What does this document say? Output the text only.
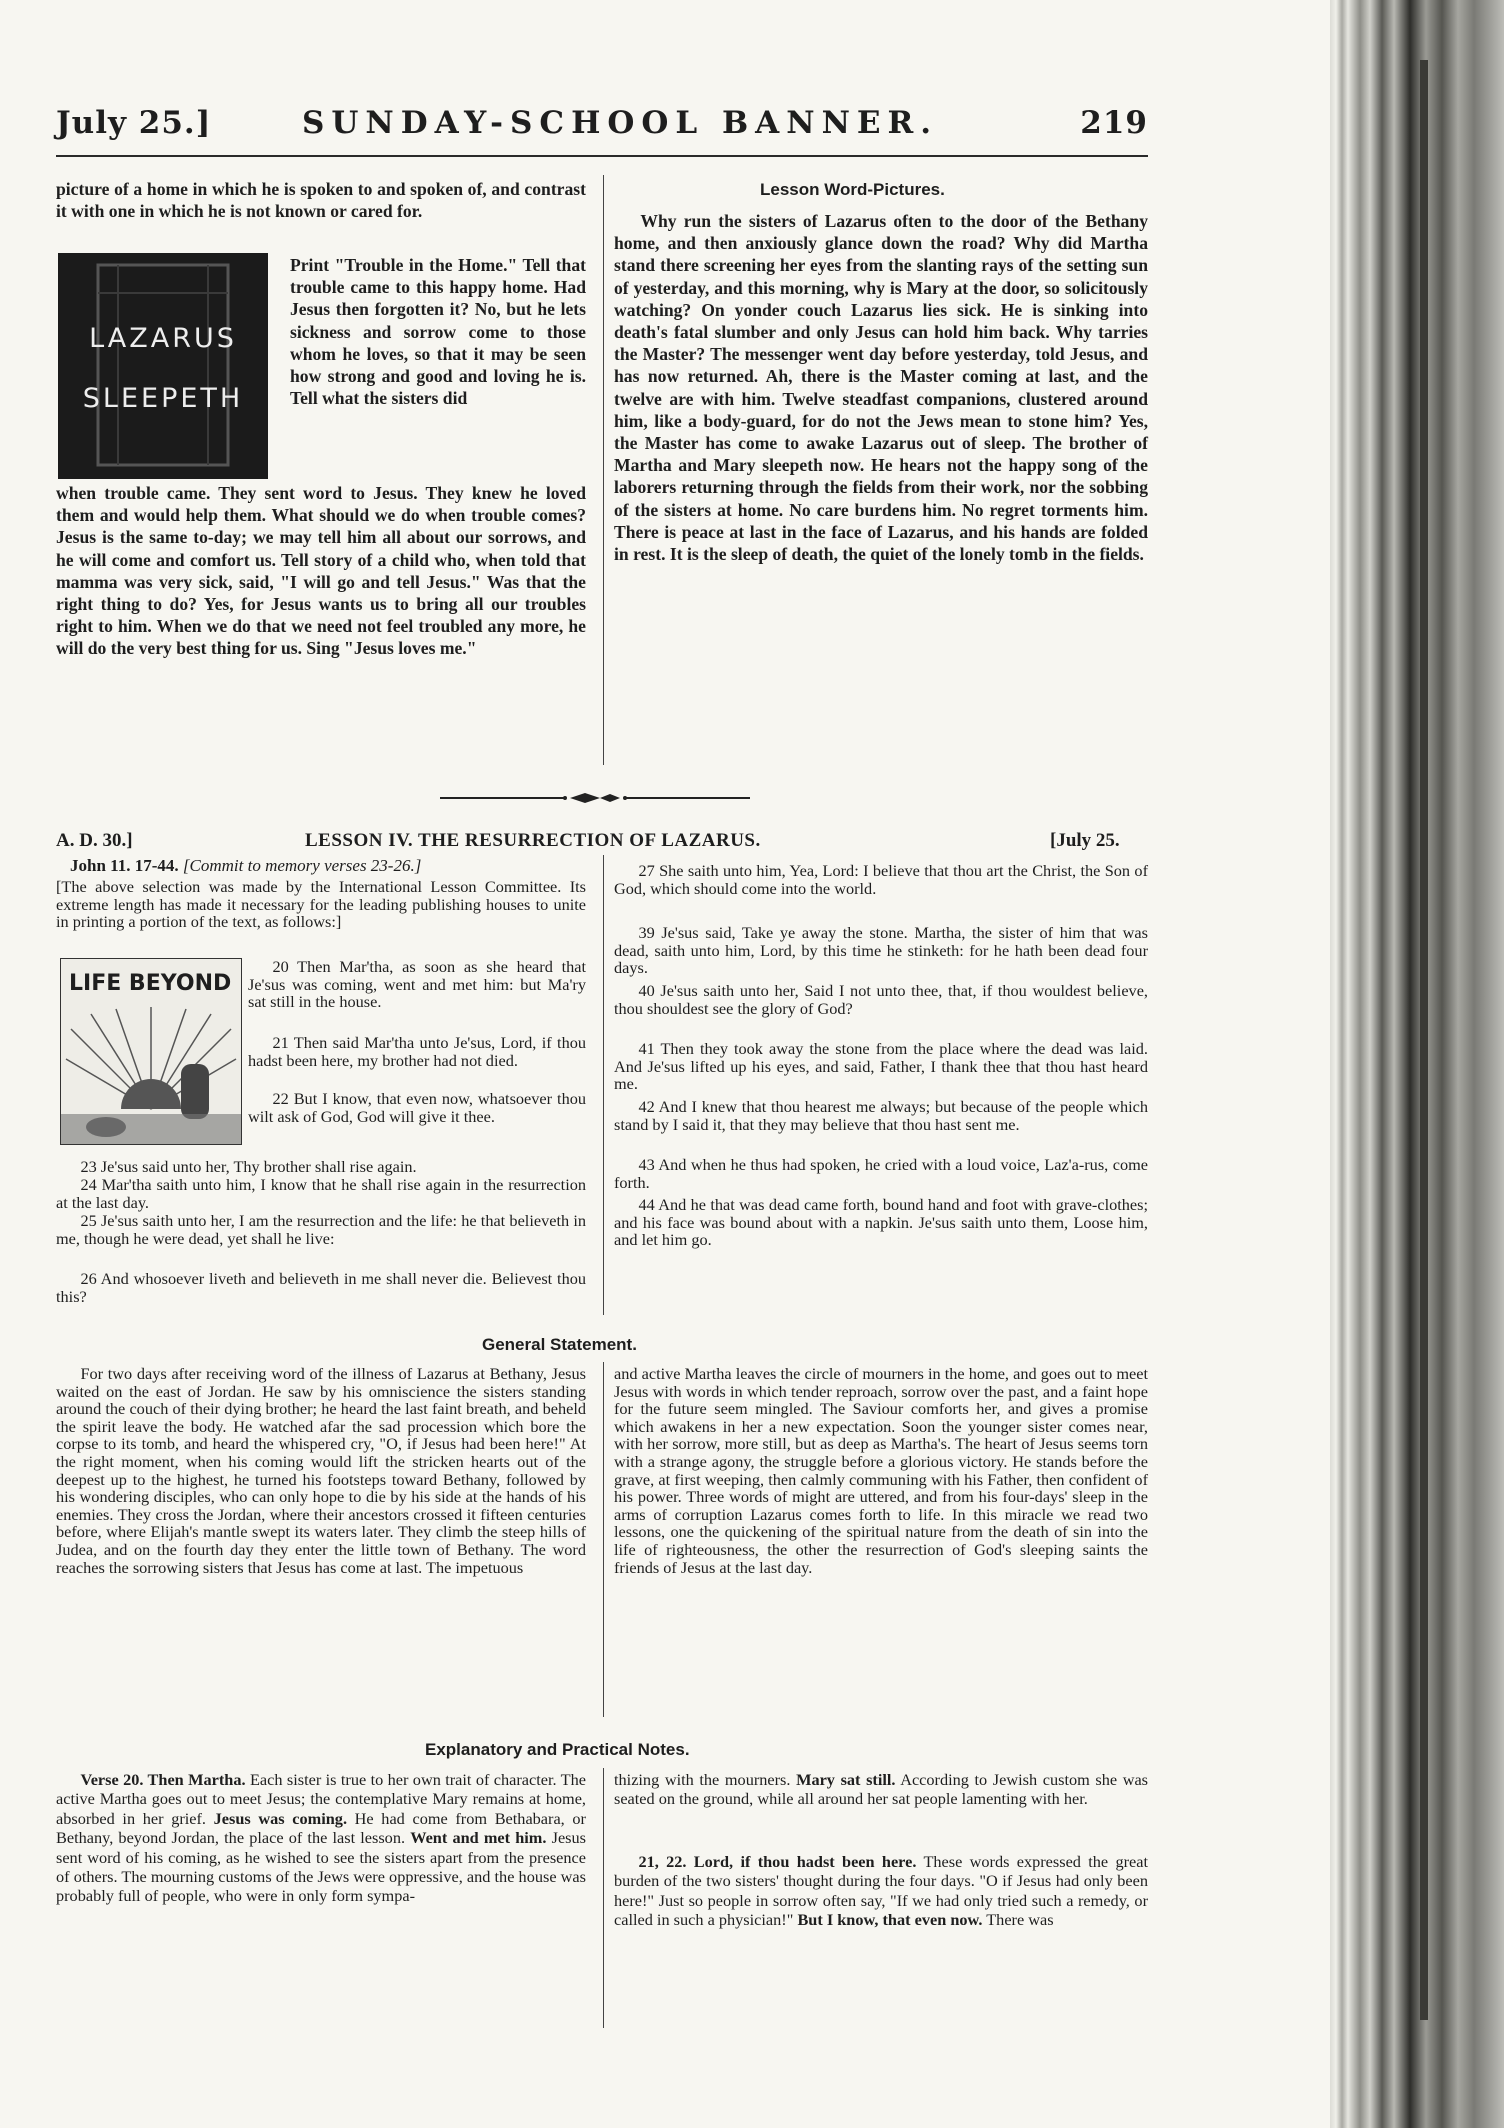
July 25.]	SUNDAY-SCHOOL BANNER.	219
picture of a home in which he is spoken to and spoken of, and contrast it with one in which he is not known or cared for.
LAZARUS
SLEEPETH
Print "Trouble in the Home." Tell that trouble came to this happy home. Had Jesus then forgotten it? No, but he lets sickness and sorrow come to those whom he loves, so that it may be seen how strong and good and loving he is. Tell what the sisters did
when trouble came. They sent word to Jesus. They knew he loved them and would help them. What should we do when trouble comes? Jesus is the same to-day; we may tell him all about our sorrows, and he will come and comfort us. Tell story of a child who, when told that mamma was very sick, said, "I will go and tell Jesus." Was that the right thing to do? Yes, for Jesus wants us to bring all our troubles right to him. When we do that we need not feel troubled any more, he will do the very best thing for us. Sing "Jesus loves me."
Lesson Word-Pictures.
Why run the sisters of Lazarus often to the door of the Bethany home, and then anxiously glance down the road? Why did Martha stand there screening her eyes from the slanting rays of the setting sun of yesterday, and this morning, why is Mary at the door, so solicitously watching? On yonder couch Lazarus lies sick. He is sinking into death's fatal slumber and only Jesus can hold him back. Why tarries the Master? The messenger went day before yesterday, told Jesus, and has now returned. Ah, there is the Master coming at last, and the twelve are with him. Twelve steadfast companions, clustered around him, like a body-guard, for do not the Jews mean to stone him? Yes, the Master has come to awake Lazarus out of sleep. The brother of Martha and Mary sleepeth now. He hears not the happy song of the laborers returning through the fields from their work, nor the sobbing of the sisters at home. No care burdens him. No regret torments him. There is peace at last in the face of Lazarus, and his hands are folded in rest. It is the sleep of death, the quiet of the lonely tomb in the fields.
A. D. 30.]	LESSON IV. THE RESURRECTION OF LAZARUS.	[July 25.
John 11. 17-44. [Commit to memory verses 23-26.]
[The above selection was made by the International Lesson Committee. Its extreme length has made it necessary for the leading publishing houses to unite in printing a portion of the text, as follows:]
LIFE BEYOND
20 Then Mar'tha, as soon as she heard that Je'sus was coming, went and met him: but Ma'ry sat still in the house.
21 Then said Mar'tha unto Je'sus, Lord, if thou hadst been here, my brother had not died.
22 But I know, that even now, whatsoever thou wilt ask of God, God will give it thee.
23 Je'sus said unto her, Thy brother shall rise again.
24 Mar'tha saith unto him, I know that he shall rise again in the resurrection at the last day.
25 Je'sus saith unto her, I am the resurrection and the life: he that believeth in me, though he were dead, yet shall he live:
26 And whosoever liveth and believeth in me shall never die. Believest thou this?
27 She saith unto him, Yea, Lord: I believe that thou art the Christ, the Son of God, which should come into the world.
39 Je'sus said, Take ye away the stone. Martha, the sister of him that was dead, saith unto him, Lord, by this time he stinketh: for he hath been dead four days.
40 Je'sus saith unto her, Said I not unto thee, that, if thou wouldest believe, thou shouldest see the glory of God?
41 Then they took away the stone from the place where the dead was laid. And Je'sus lifted up his eyes, and said, Father, I thank thee that thou hast heard me.
42 And I knew that thou hearest me always; but because of the people which stand by I said it, that they may believe that thou hast sent me.
43 And when he thus had spoken, he cried with a loud voice, Laz'a-rus, come forth.
44 And he that was dead came forth, bound hand and foot with grave-clothes; and his face was bound about with a napkin. Je'sus saith unto them, Loose him, and let him go.
General Statement.
For two days after receiving word of the illness of Lazarus at Bethany, Jesus waited on the east of Jordan. He saw by his omniscience the sisters standing around the couch of their dying brother; he heard the last faint breath, and beheld the spirit leave the body. He watched afar the sad procession which bore the corpse to its tomb, and heard the whispered cry, "O, if Jesus had been here!" At the right moment, when his coming would lift the stricken hearts out of the deepest up to the highest, he turned his footsteps toward Bethany, followed by his wondering disciples, who can only hope to die by his side at the hands of his enemies. They cross the Jordan, where their ancestors crossed it fifteen centuries before, where Elijah's mantle swept its waters later. They climb the steep hills of Judea, and on the fourth day they enter the little town of Bethany. The word reaches the sorrowing sisters that Jesus has come at last. The impetuous
and active Martha leaves the circle of mourners in the home, and goes out to meet Jesus with words in which tender reproach, sorrow over the past, and a faint hope for the future seem mingled. The Saviour comforts her, and gives a promise which awakens in her a new expectation. Soon the younger sister comes near, with her sorrow, more still, but as deep as Martha's. The heart of Jesus seems torn with a strange agony, the struggle before a glorious victory. He stands before the grave, at first weeping, then calmly communing with his Father, then confident of his power. Three words of might are uttered, and from his four-days' sleep in the arms of corruption Lazarus comes forth to life. In this miracle we read two lessons, one the quickening of the spiritual nature from the death of sin into the life of righteousness, the other the resurrection of God's sleeping saints the friends of Jesus at the last day.
Explanatory and Practical Notes.
Verse 20. Then Martha. Each sister is true to her own trait of character. The active Martha goes out to meet Jesus; the contemplative Mary remains at home, absorbed in her grief. Jesus was coming. He had come from Bethabara, or Bethany, beyond Jordan, the place of the last lesson. Went and met him. Jesus sent word of his coming, as he wished to see the sisters apart from the presence of others. The mourning customs of the Jews were oppressive, and the house was probably full of people, who were in only form sympa-
thizing with the mourners. Mary sat still. According to Jewish custom she was seated on the ground, while all around her sat people lamenting with her.
21, 22. Lord, if thou hadst been here. These words expressed the great burden of the two sisters' thought during the four days. "O if Jesus had only been here!" Just so people in sorrow often say, "If we had only tried such a remedy, or called in such a physician!" But I know, that even now. There was
